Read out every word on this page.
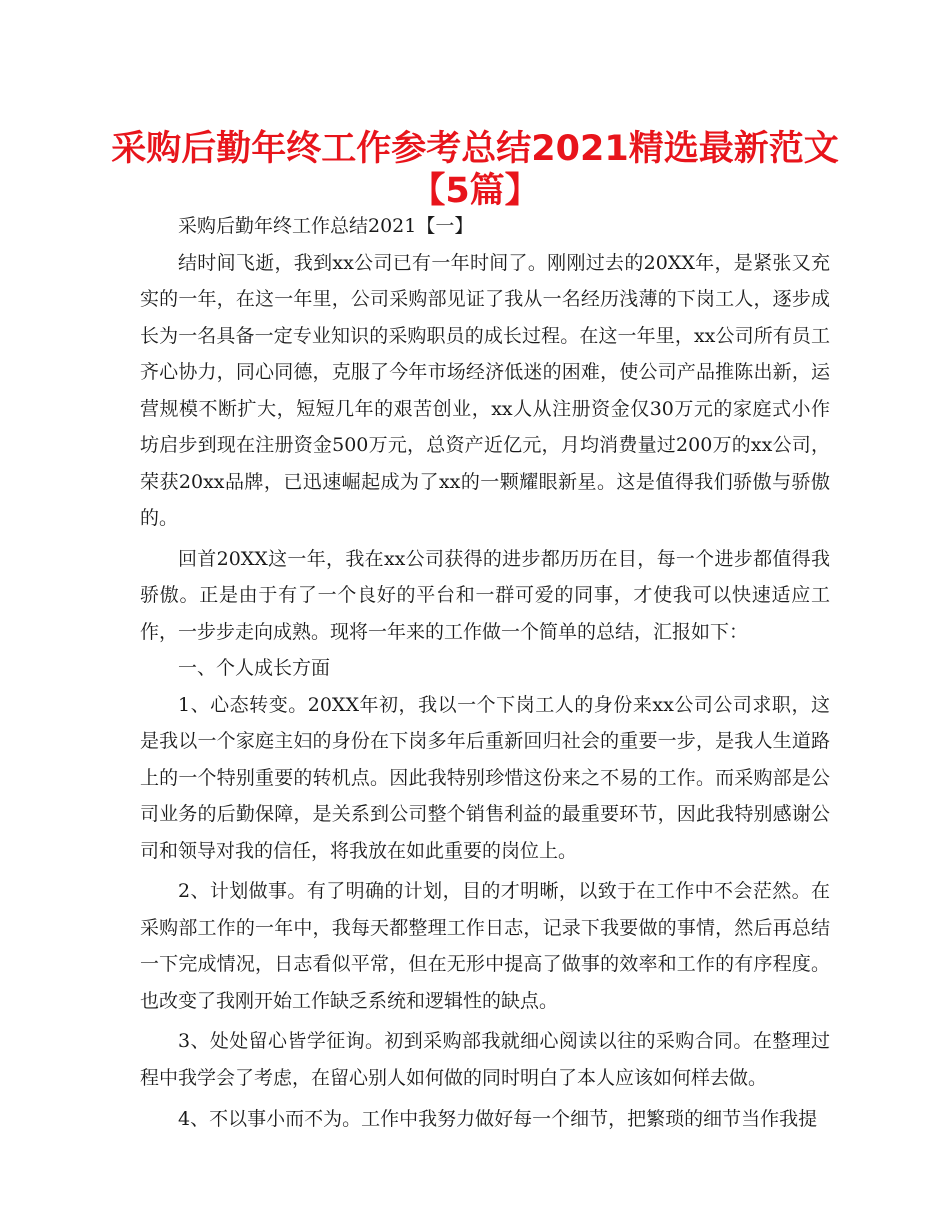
采购后勤年终工作参考总结2021精选最新范文
【5篇】

采购后勤年终工作总结2021【一】

结时间飞逝，我到xx公司已有一年时间了。刚刚过去的20XX年，是紧张又充实的一年，在这一年里，公司采购部见证了我从一名经历浅薄的下岗工人，逐步成长为一名具备一定专业知识的采购职员的成长过程。在这一年里，xx公司所有员工齐心协力，同心同德，克服了今年市场经济低迷的困难，使公司产品推陈出新，运营规模不断扩大，短短几年的艰苦创业，xx人从注册资金仅30万元的家庭式小作坊启步到现在注册资金500万元，总资产近亿元，月均消费量过200万的xx公司，荣获20xx品牌，已迅速崛起成为了xx的一颗耀眼新星。这是值得我们骄傲与骄傲的。

回首20XX这一年，我在xx公司获得的进步都历历在目，每一个进步都值得我骄傲。正是由于有了一个良好的平台和一群可爱的同事，才使我可以快速适应工作，一步步走向成熟。现将一年来的工作做一个简单的总结，汇报如下：

一、个人成长方面

1、心态转变。20XX年初，我以一个下岗工人的身份来xx公司公司求职，这是我以一个家庭主妇的身份在下岗多年后重新回归社会的重要一步，是我人生道路上的一个特别重要的转机点。因此我特别珍惜这份来之不易的工作。而采购部是公司业务的后勤保障，是关系到公司整个销售利益的最重要环节，因此我特别感谢公司和领导对我的信任，将我放在如此重要的岗位上。

2、计划做事。有了明确的计划，目的才明晰，以致于在工作中不会茫然。在采购部工作的一年中，我每天都整理工作日志，记录下我要做的事情，然后再总结一下完成情况，日志看似平常，但在无形中提高了做事的效率和工作的有序程度。也改变了我刚开始工作缺乏系统和逻辑性的缺点。

3、处处留心皆学征询。初到采购部我就细心阅读以往的采购合同。在整理过程中我学会了考虑，在留心别人如何做的同时明白了本人应该如何样去做。

4、不以事小而不为。工作中我努力做好每一个细节，把繁琐的细节当作我提
